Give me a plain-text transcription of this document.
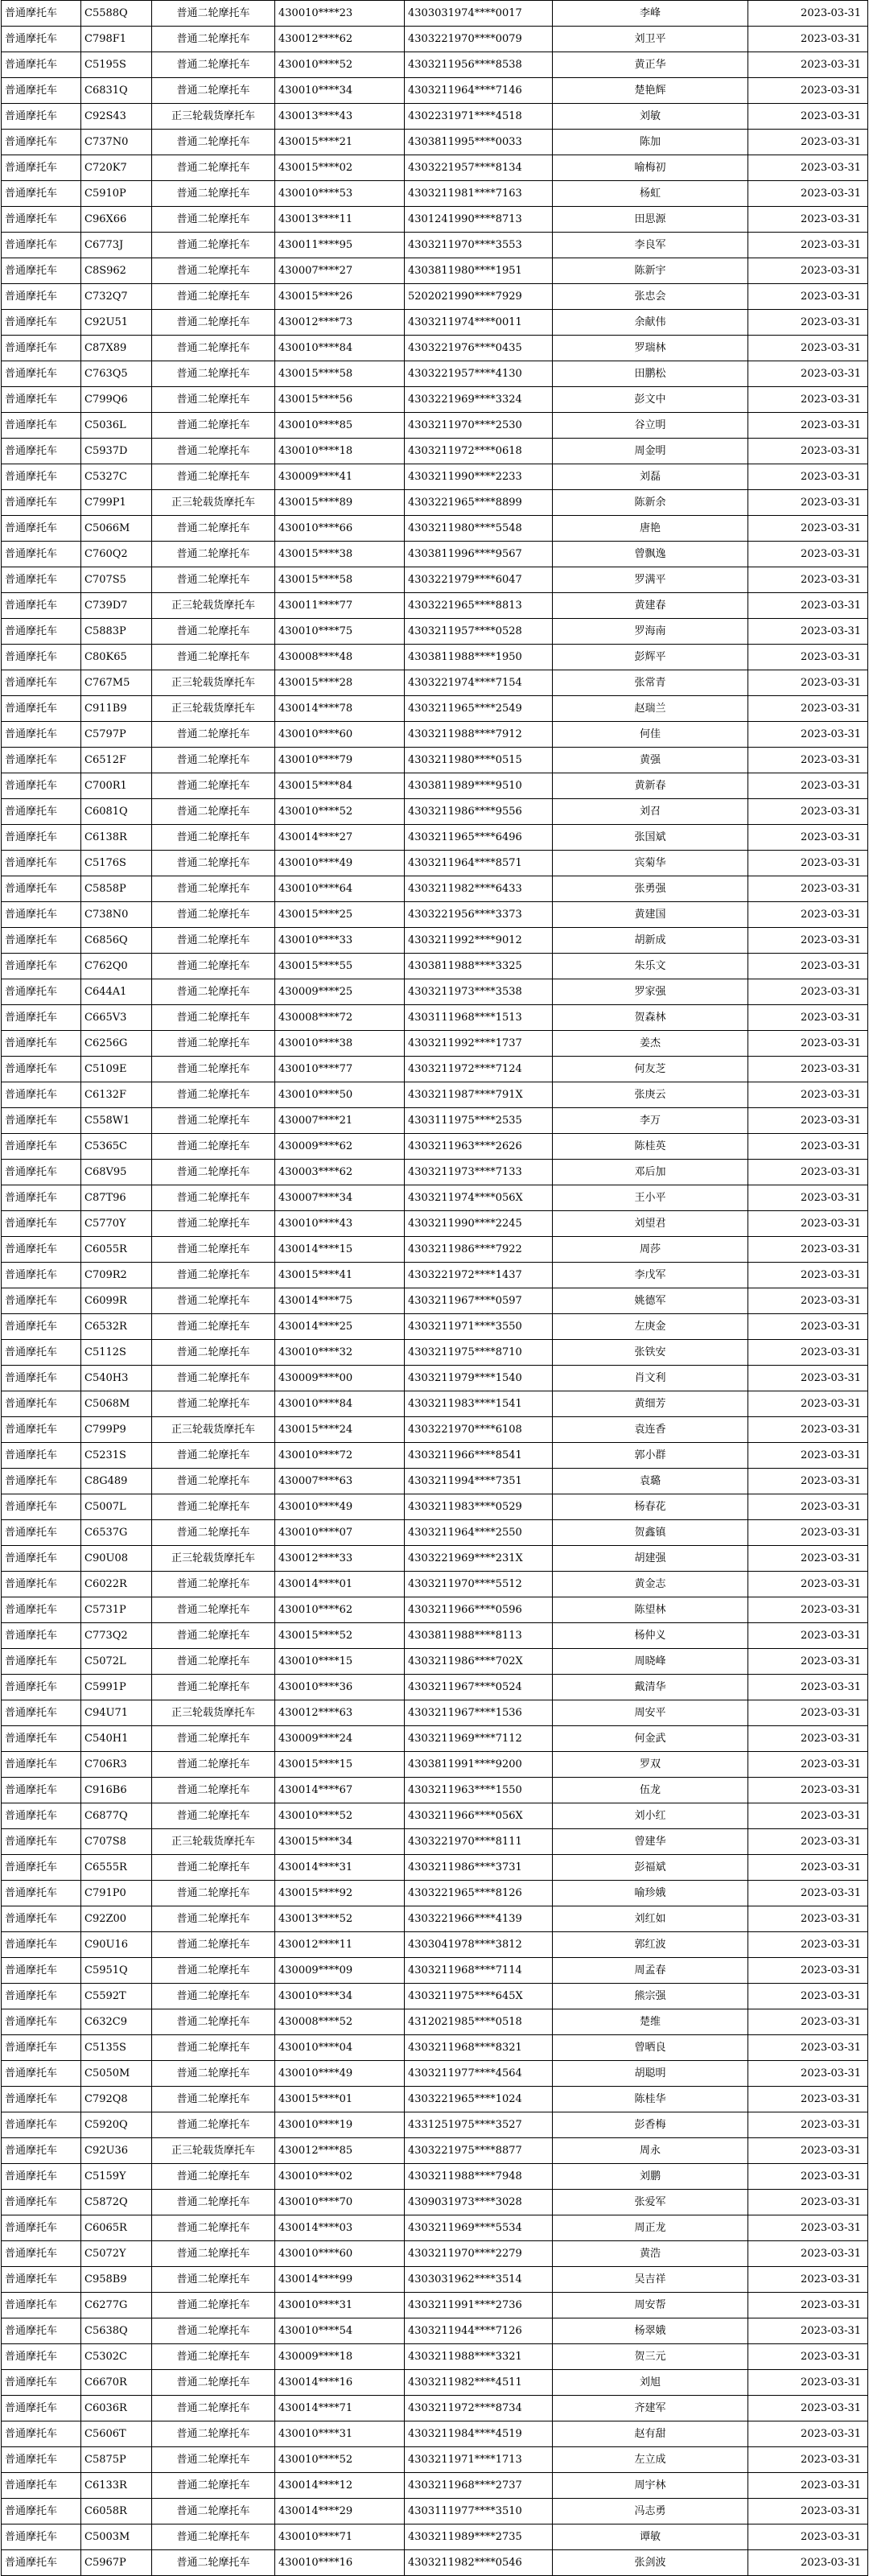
普通摩托车	C5588Q	普通二轮摩托车	430010****23	4303031974****0017	李峰	2023-03-31
普通摩托车	C798F1	普通二轮摩托车	430012****62	4303221970****0079	刘卫平	2023-03-31
普通摩托车	C5195S	普通二轮摩托车	430010****52	4303211956****8538	黄正华	2023-03-31
普通摩托车	C6831Q	普通二轮摩托车	430010****34	4303211964****7146	楚艳辉	2023-03-31
普通摩托车	C92S43	正三轮载货摩托车	430013****43	4302231971****4518	刘敏	2023-03-31
普通摩托车	C737N0	普通二轮摩托车	430015****21	4303811995****0033	陈加	2023-03-31
普通摩托车	C720K7	普通二轮摩托车	430015****02	4303221957****8134	喻梅初	2023-03-31
普通摩托车	C5910P	普通二轮摩托车	430010****53	4303211981****7163	杨虹	2023-03-31
普通摩托车	C96X66	普通二轮摩托车	430013****11	4301241990****8713	田思源	2023-03-31
普通摩托车	C6773J	普通二轮摩托车	430011****95	4303211970****3553	李良军	2023-03-31
普通摩托车	C8S962	普通二轮摩托车	430007****27	4303811980****1951	陈新宇	2023-03-31
普通摩托车	C732Q7	普通二轮摩托车	430015****26	5202021990****7929	张忠会	2023-03-31
普通摩托车	C92U51	普通二轮摩托车	430012****73	4303211974****0011	余献伟	2023-03-31
普通摩托车	C87X89	普通二轮摩托车	430010****84	4303221976****0435	罗瑞林	2023-03-31
普通摩托车	C763Q5	普通二轮摩托车	430015****58	4303221957****4130	田鹏松	2023-03-31
普通摩托车	C799Q6	普通二轮摩托车	430015****56	4303221969****3324	彭文中	2023-03-31
普通摩托车	C5036L	普通二轮摩托车	430010****85	4303211970****2530	谷立明	2023-03-31
普通摩托车	C5937D	普通二轮摩托车	430010****18	4303211972****0618	周金明	2023-03-31
普通摩托车	C5327C	普通二轮摩托车	430009****41	4303211990****2233	刘磊	2023-03-31
普通摩托车	C799P1	正三轮载货摩托车	430015****89	4303221965****8899	陈新余	2023-03-31
普通摩托车	C5066M	普通二轮摩托车	430010****66	4303211980****5548	唐艳	2023-03-31
普通摩托车	C760Q2	普通二轮摩托车	430015****38	4303811996****9567	曾飘逸	2023-03-31
普通摩托车	C707S5	普通二轮摩托车	430015****58	4303221979****6047	罗满平	2023-03-31
普通摩托车	C739D7	正三轮载货摩托车	430011****77	4303221965****8813	黄建春	2023-03-31
普通摩托车	C5883P	普通二轮摩托车	430010****75	4303211957****0528	罗海南	2023-03-31
普通摩托车	C80K65	普通二轮摩托车	430008****48	4303811988****1950	彭辉平	2023-03-31
普通摩托车	C767M5	正三轮载货摩托车	430015****28	4303221974****7154	张常青	2023-03-31
普通摩托车	C911B9	正三轮载货摩托车	430014****78	4303211965****2549	赵瑞兰	2023-03-31
普通摩托车	C5797P	普通二轮摩托车	430010****60	4303211988****7912	何佳	2023-03-31
普通摩托车	C6512F	普通二轮摩托车	430010****79	4303211980****0515	黄强	2023-03-31
普通摩托车	C700R1	普通二轮摩托车	430015****84	4303811989****9510	黄新春	2023-03-31
普通摩托车	C6081Q	普通二轮摩托车	430010****52	4303211986****9556	刘召	2023-03-31
普通摩托车	C6138R	普通二轮摩托车	430014****27	4303211965****6496	张国斌	2023-03-31
普通摩托车	C5176S	普通二轮摩托车	430010****49	4303211964****8571	宾菊华	2023-03-31
普通摩托车	C5858P	普通二轮摩托车	430010****64	4303211982****6433	张勇强	2023-03-31
普通摩托车	C738N0	普通二轮摩托车	430015****25	4303221956****3373	黄建国	2023-03-31
普通摩托车	C6856Q	普通二轮摩托车	430010****33	4303211992****9012	胡新成	2023-03-31
普通摩托车	C762Q0	普通二轮摩托车	430015****55	4303811988****3325	朱乐文	2023-03-31
普通摩托车	C644A1	普通二轮摩托车	430009****25	4303211973****3538	罗家强	2023-03-31
普通摩托车	C665V3	普通二轮摩托车	430008****72	4303111968****1513	贺森林	2023-03-31
普通摩托车	C6256G	普通二轮摩托车	430010****38	4303211992****1737	姜杰	2023-03-31
普通摩托车	C5109E	普通二轮摩托车	430010****77	4303211972****7124	何友芝	2023-03-31
普通摩托车	C6132F	普通二轮摩托车	430010****50	4303211987****791X	张庚云	2023-03-31
普通摩托车	C558W1	普通二轮摩托车	430007****21	4303111975****2535	李万	2023-03-31
普通摩托车	C5365C	普通二轮摩托车	430009****62	4303211963****2626	陈桂英	2023-03-31
普通摩托车	C68V95	普通二轮摩托车	430003****62	4303211973****7133	邓后加	2023-03-31
普通摩托车	C87T96	普通二轮摩托车	430007****34	4303211974****056X	王小平	2023-03-31
普通摩托车	C5770Y	普通二轮摩托车	430010****43	4303211990****2245	刘望君	2023-03-31
普通摩托车	C6055R	普通二轮摩托车	430014****15	4303211986****7922	周莎	2023-03-31
普通摩托车	C709R2	普通二轮摩托车	430015****41	4303221972****1437	李戊军	2023-03-31
普通摩托车	C6099R	普通二轮摩托车	430014****75	4303211967****0597	姚德军	2023-03-31
普通摩托车	C6532R	普通二轮摩托车	430014****25	4303211971****3550	左庚金	2023-03-31
普通摩托车	C5112S	普通二轮摩托车	430010****32	4303211975****8710	张铁安	2023-03-31
普通摩托车	C540H3	普通二轮摩托车	430009****00	4303211979****1540	肖文利	2023-03-31
普通摩托车	C5068M	普通二轮摩托车	430010****84	4303211983****1541	黄细芳	2023-03-31
普通摩托车	C799P9	正三轮载货摩托车	430015****24	4303221970****6108	袁连香	2023-03-31
普通摩托车	C5231S	普通二轮摩托车	430010****72	4303211966****8541	郭小群	2023-03-31
普通摩托车	C8G489	普通二轮摩托车	430007****63	4303211994****7351	袁璐	2023-03-31
普通摩托车	C5007L	普通二轮摩托车	430010****49	4303211983****0529	杨春花	2023-03-31
普通摩托车	C6537G	普通二轮摩托车	430010****07	4303211964****2550	贺鑫镇	2023-03-31
普通摩托车	C90U08	正三轮载货摩托车	430012****33	4303221969****231X	胡建强	2023-03-31
普通摩托车	C6022R	普通二轮摩托车	430014****01	4303211970****5512	黄金志	2023-03-31
普通摩托车	C5731P	普通二轮摩托车	430010****62	4303211966****0596	陈望林	2023-03-31
普通摩托车	C773Q2	普通二轮摩托车	430015****52	4303811988****8113	杨仲义	2023-03-31
普通摩托车	C5072L	普通二轮摩托车	430010****15	4303211986****702X	周晓峰	2023-03-31
普通摩托车	C5991P	普通二轮摩托车	430010****36	4303211967****0524	戴清华	2023-03-31
普通摩托车	C94U71	正三轮载货摩托车	430012****63	4303211967****1536	周安平	2023-03-31
普通摩托车	C540H1	普通二轮摩托车	430009****24	4303211969****7112	何金武	2023-03-31
普通摩托车	C706R3	普通二轮摩托车	430015****15	4303811991****9200	罗双	2023-03-31
普通摩托车	C916B6	普通二轮摩托车	430014****67	4303211963****1550	伍龙	2023-03-31
普通摩托车	C6877Q	普通二轮摩托车	430010****52	4303211966****056X	刘小红	2023-03-31
普通摩托车	C707S8	正三轮载货摩托车	430015****34	4303221970****8111	曾建华	2023-03-31
普通摩托车	C6555R	普通二轮摩托车	430014****31	4303211986****3731	彭福斌	2023-03-31
普通摩托车	C791P0	普通二轮摩托车	430015****92	4303221965****8126	喻珍娥	2023-03-31
普通摩托车	C92Z00	普通二轮摩托车	430013****52	4303221966****4139	刘红如	2023-03-31
普通摩托车	C90U16	普通二轮摩托车	430012****11	4303041978****3812	郭红波	2023-03-31
普通摩托车	C5951Q	普通二轮摩托车	430009****09	4303211968****7114	周孟春	2023-03-31
普通摩托车	C5592T	普通二轮摩托车	430010****34	4303211975****645X	熊宗强	2023-03-31
普通摩托车	C632C9	普通二轮摩托车	430008****52	4312021985****0518	楚维	2023-03-31
普通摩托车	C5135S	普通二轮摩托车	430010****04	4303211968****8321	曾晒良	2023-03-31
普通摩托车	C5050M	普通二轮摩托车	430010****49	4303211977****4564	胡聪明	2023-03-31
普通摩托车	C792Q8	普通二轮摩托车	430015****01	4303221965****1024	陈桂华	2023-03-31
普通摩托车	C5920Q	普通二轮摩托车	430010****19	4331251975****3527	彭香梅	2023-03-31
普通摩托车	C92U36	正三轮载货摩托车	430012****85	4303221975****8877	周永	2023-03-31
普通摩托车	C5159Y	普通二轮摩托车	430010****02	4303211988****7948	刘鹏	2023-03-31
普通摩托车	C5872Q	普通二轮摩托车	430010****70	4309031973****3028	张爱军	2023-03-31
普通摩托车	C6065R	普通二轮摩托车	430014****03	4303211969****5534	周正龙	2023-03-31
普通摩托车	C5072Y	普通二轮摩托车	430010****60	4303211970****2279	黄浩	2023-03-31
普通摩托车	C958B9	普通二轮摩托车	430014****99	4303031962****3514	吴吉祥	2023-03-31
普通摩托车	C6277G	普通二轮摩托车	430010****31	4303211991****2736	周安帮	2023-03-31
普通摩托车	C5638Q	普通二轮摩托车	430010****54	4303211944****7126	杨翠娥	2023-03-31
普通摩托车	C5302C	普通二轮摩托车	430009****18	4303211988****3321	贺三元	2023-03-31
普通摩托车	C6670R	普通二轮摩托车	430014****16	4303211982****4511	刘旭	2023-03-31
普通摩托车	C6036R	普通二轮摩托车	430014****71	4303211972****8734	齐建军	2023-03-31
普通摩托车	C5606T	普通二轮摩托车	430010****31	4303211984****4519	赵有甜	2023-03-31
普通摩托车	C5875P	普通二轮摩托车	430010****52	4303211971****1713	左立成	2023-03-31
普通摩托车	C6133R	普通二轮摩托车	430014****12	4303211968****2737	周宇林	2023-03-31
普通摩托车	C6058R	普通二轮摩托车	430014****29	4303111977****3510	冯志勇	2023-03-31
普通摩托车	C5003M	普通二轮摩托车	430010****71	4303211989****2735	谭敏	2023-03-31
普通摩托车	C5967P	普通二轮摩托车	430010****16	4303211982****0546	张剑波	2023-03-31
